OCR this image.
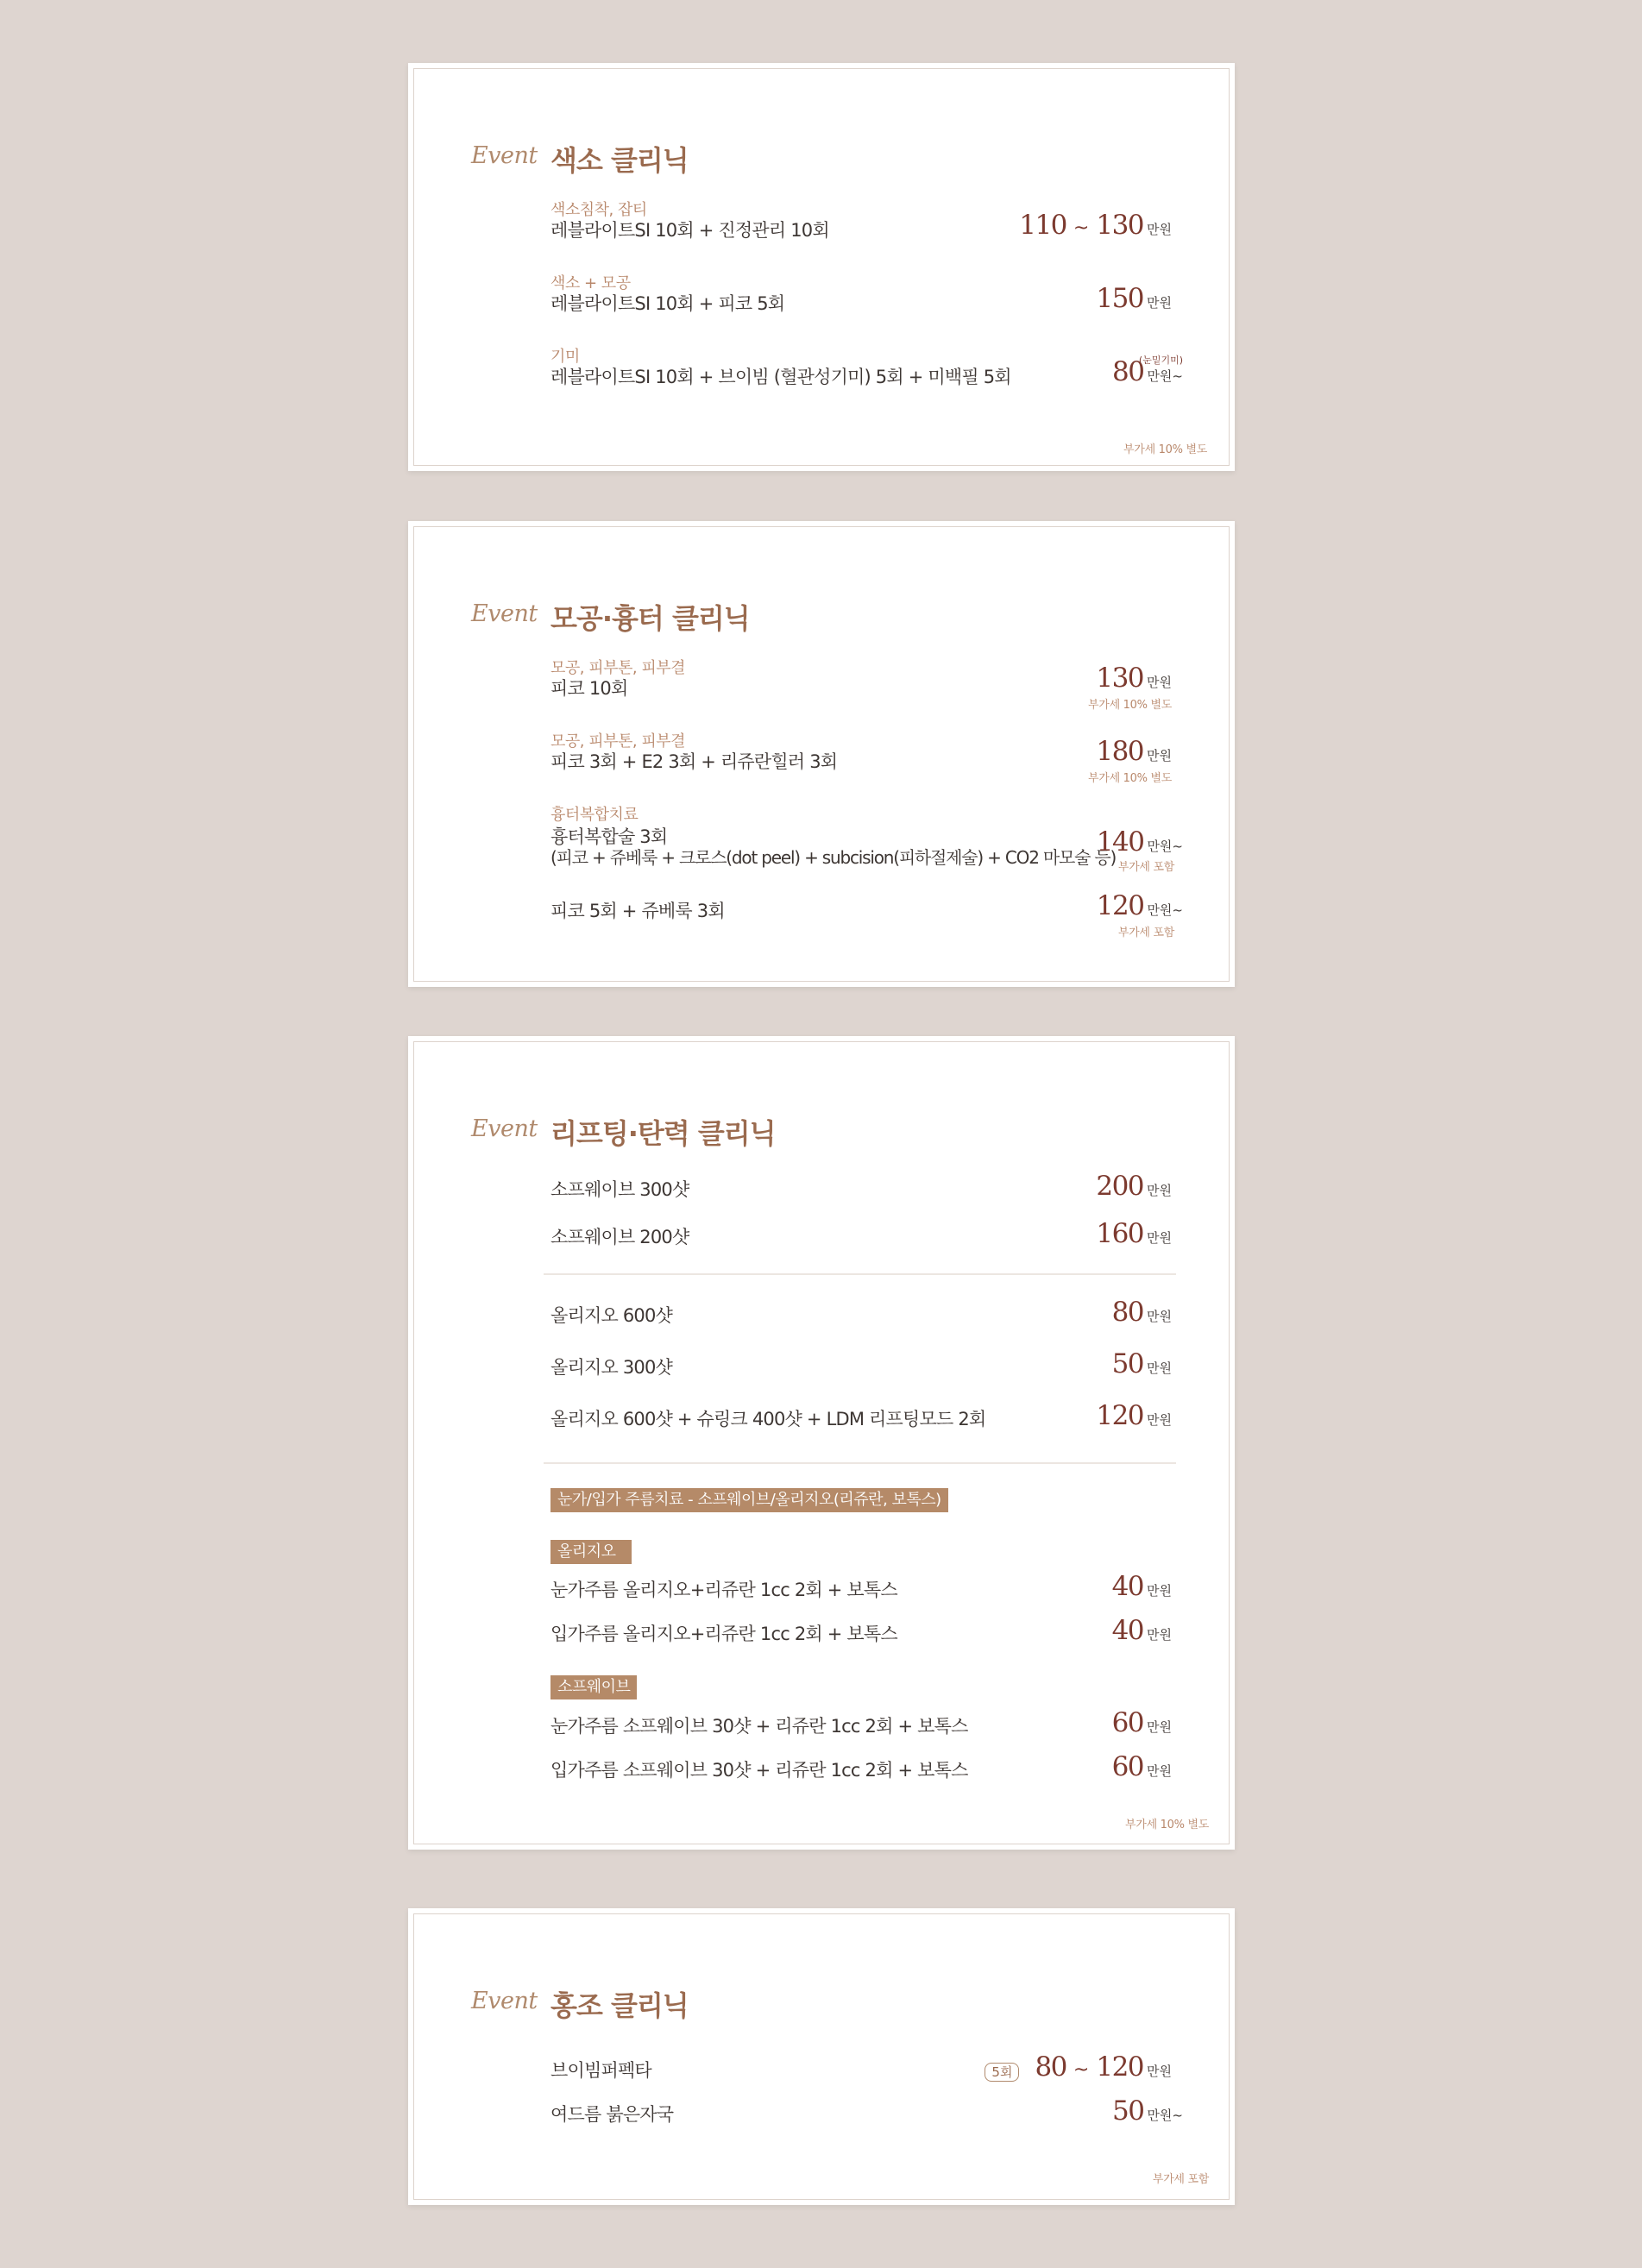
Event 색소 클리닉
색소침착, 잡티
레블라이트SI 10회 + 진정관리 10회	110 ~ 130 만원
색소 + 모공
레블라이트SI 10회 + 피코 5회	150 만원
기미
레블라이트SI 10회 + 브이빔 (혈관성기미) 5회 + 미백필 5회	80 만원~
(눈밑기미)
부가세 10% 별도
Event 모공·흉터 클리닉
모공, 피부톤, 피부결
피코 10회	130 만원
부가세 10% 별도
모공, 피부톤, 피부결
피코 3회 + E2 3회 + 리쥬란힐러 3회	180 만원
부가세 10% 별도
흉터복합치료
흉터복합술 3회
(피코 + 쥬베룩 + 크로스(dot peel) + subcision(피하절제술) + CO2 마모술 등)
140 만원~
부가세 포함
피코 5회 + 쥬베룩 3회	120 만원~
부가세 포함
Event 리프팅·탄력 클리닉
소프웨이브 300샷	200 만원
소프웨이브 200샷	160 만원
올리지오 600샷	80 만원
올리지오 300샷	50 만원
올리지오 600샷 + 슈링크 400샷 + LDM 리프팅모드 2회	120 만원
눈가/입가 주름치료 - 소프웨이브/올리지오(리쥬란, 보톡스)
올리지오
눈가주름 올리지오+리쥬란 1cc 2회 + 보톡스	40 만원
입가주름 올리지오+리쥬란 1cc 2회 + 보톡스	40 만원
소프웨이브
눈가주름 소프웨이브 30샷 + 리쥬란 1cc 2회 + 보톡스	60 만원
입가주름 소프웨이브 30샷 + 리쥬란 1cc 2회 + 보톡스	60 만원
부가세 10% 별도
Event 홍조 클리닉
브이빔퍼펙타	5회 80 ~ 120 만원
여드름 붉은자국	50 만원~
부가세 포함
